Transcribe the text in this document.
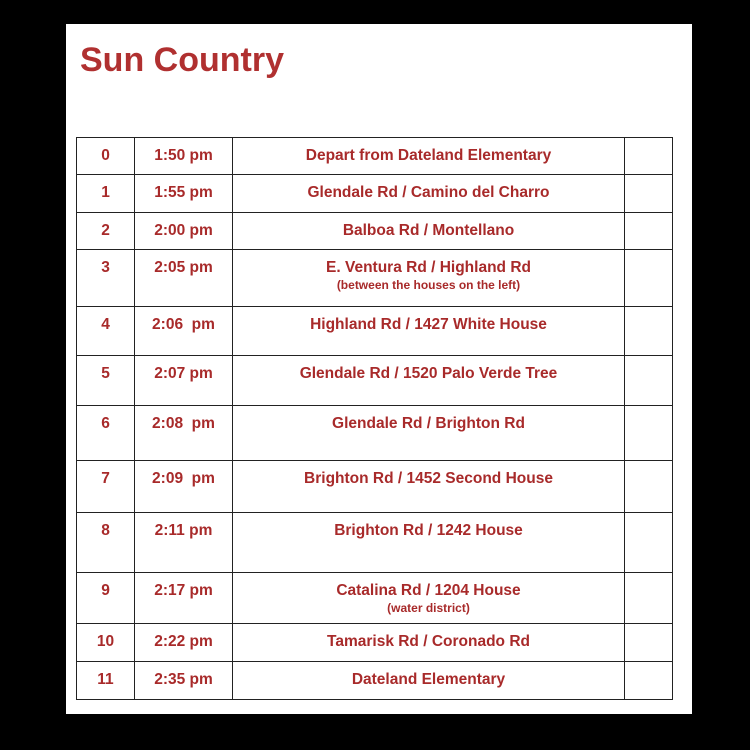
Sun Country
0	1:50 pm	Depart from Dateland Elementary	
1	1:55 pm	Glendale Rd / Camino del Charro	
2	2:00 pm	Balboa Rd / Montellano	
3	2:05 pm	E. Ventura Rd / Highland Rd
(between the houses on the left)	

4	2:06  pm	Highland Rd / 1427 White House	
5	2:07 pm	Glendale Rd / 1520 Palo Verde Tree	
6	2:08  pm	Glendale Rd / Brighton Rd	
7	2:09  pm	Brighton Rd / 1452 Second House	
8	2:11 pm	Brighton Rd / 1242 House	
9	2:17 pm	Catalina Rd / 1204 House
(water district)	

10	2:22 pm	Tamarisk Rd / Coronado Rd	
11	2:35 pm	Dateland Elementary	
